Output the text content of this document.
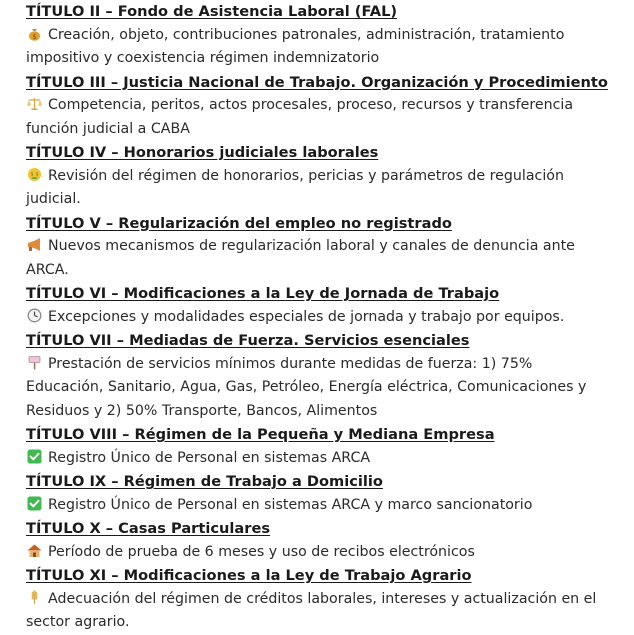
TÍTULO II – Fondo de Asistencia Laboral (FAL)
$ Creación, objeto, contribuciones patronales, administración, tratamiento impositivo y coexistencia régimen indemnizatorio
TÍTULO III – Justicia Nacional de Trabajo. Organización y Procedimiento
Competencia, peritos, actos procesales, proceso, recursos y transferencia función judicial a CABA
TÍTULO IV – Honorarios judiciales laborales
$ $ Revisión del régimen de honorarios, pericias y parámetros de regulación judicial.
TÍTULO V – Regularización del empleo no registrado
Nuevos mecanismos de regularización laboral y canales de denuncia ante ARCA.
TÍTULO VI – Modificaciones a la Ley de Jornada de Trabajo
Excepciones y modalidades especiales de jornada y trabajo por equipos.
TÍTULO VII – Mediadas de Fuerza. Servicios esenciales
Prestación de servicios mínimos durante medidas de fuerza: 1) 75% Educación, Sanitario, Agua, Gas, Petróleo, Energía eléctrica, Comunicaciones y Residuos y 2) 50% Transporte, Bancos, Alimentos
TÍTULO VIII – Régimen de la Pequeña y Mediana Empresa
Registro Único de Personal en sistemas ARCA
TÍTULO IX – Régimen de Trabajo a Domicilio
Registro Único de Personal en sistemas ARCA y marco sancionatorio
TÍTULO X – Casas Particulares
Período de prueba de 6 meses y uso de recibos electrónicos
TÍTULO XI – Modificaciones a la Ley de Trabajo Agrario
Adecuación del régimen de créditos laborales, intereses y actualización en el sector agrario.
